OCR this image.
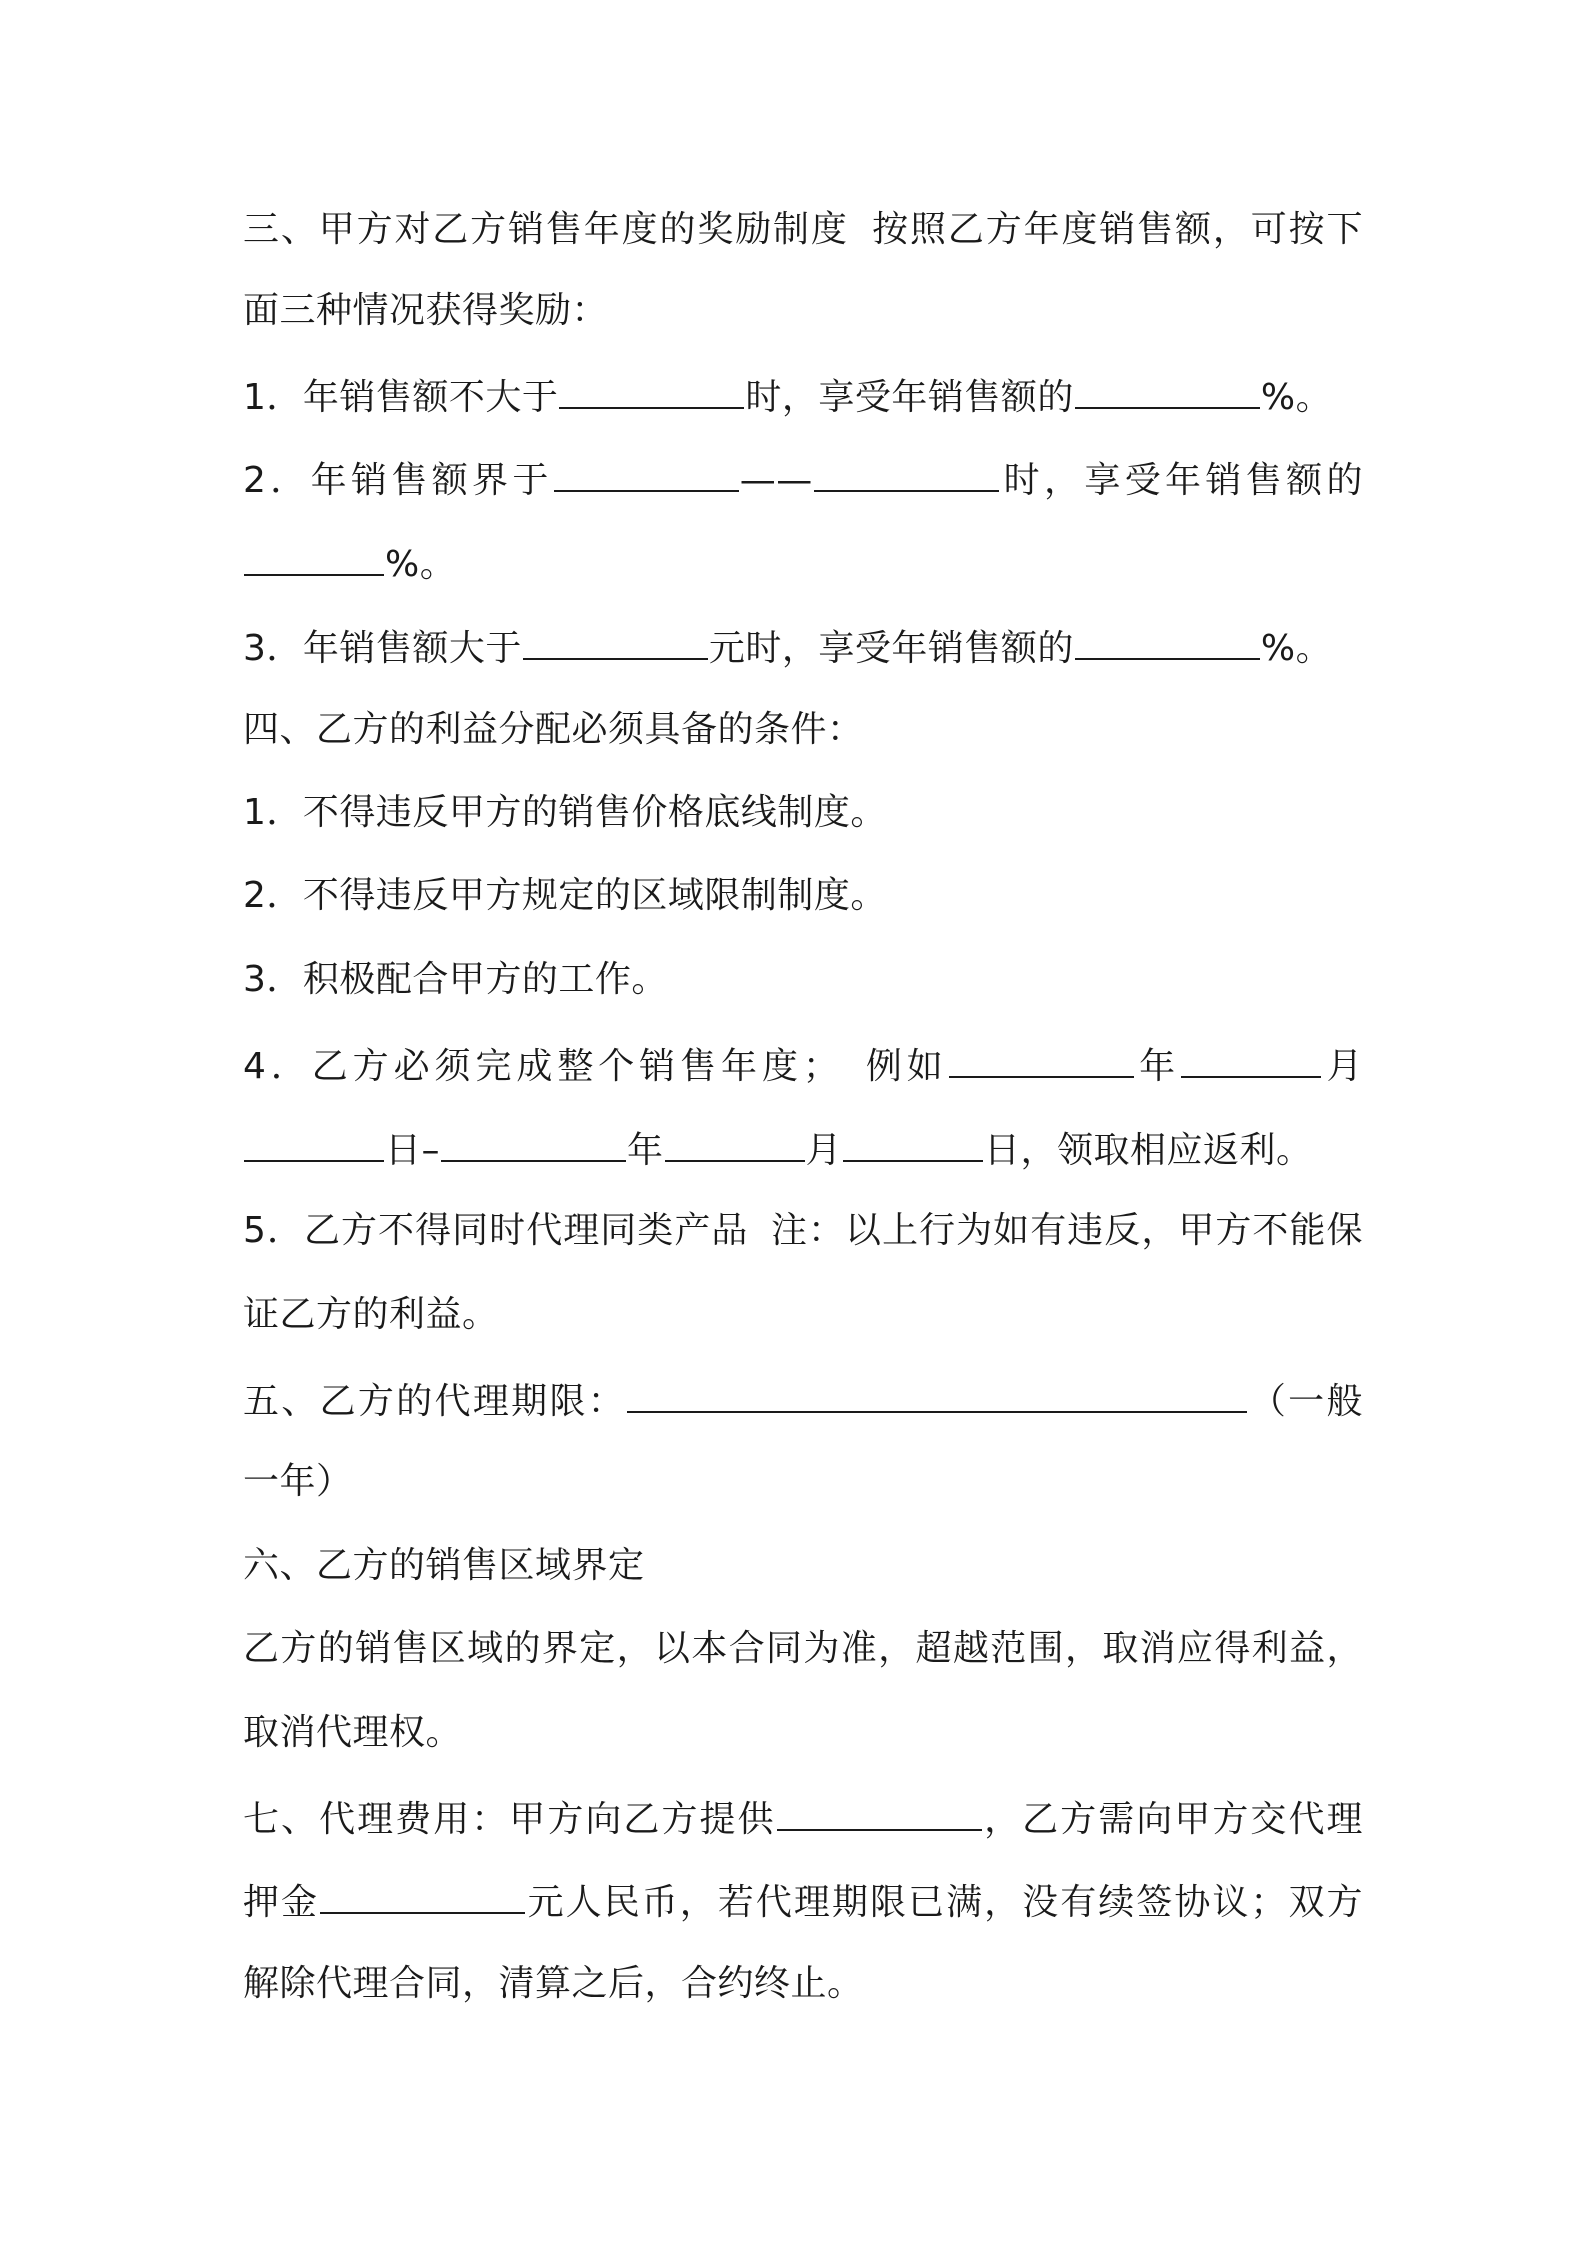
三、甲方对乙方销售年度的奖励制度 按照乙方年度销售额，可按下
面三种情况获得奖励：
1．年销售额不大于	时，享受年销售额的	%。
2．年销售额界于	——	时，享受年销售额的
%。
3．年销售额大于	元时，享受年销售额的	%。
四、乙方的利益分配必须具备的条件：
1．不得违反甲方的销售价格底线制度。
2．不得违反甲方规定的区域限制制度。
3．积极配合甲方的工作。
4．乙方必须完成整个销售年度； 例如	年	月
日–	年	月	日，领取相应返利。
5．乙方不得同时代理同类产品 注：以上行为如有违反，甲方不能保
证乙方的利益。
五、乙方的代理期限：	（一般
一年）
六、乙方的销售区域界定
乙方的销售区域的界定，以本合同为准，超越范围，取消应得利益，
取消代理权。
七、代理费用：甲方向乙方提供	，乙方需向甲方交代理
押金	元人民币，若代理期限已满，没有续签协议；双方
解除代理合同，清算之后，合约终止。
